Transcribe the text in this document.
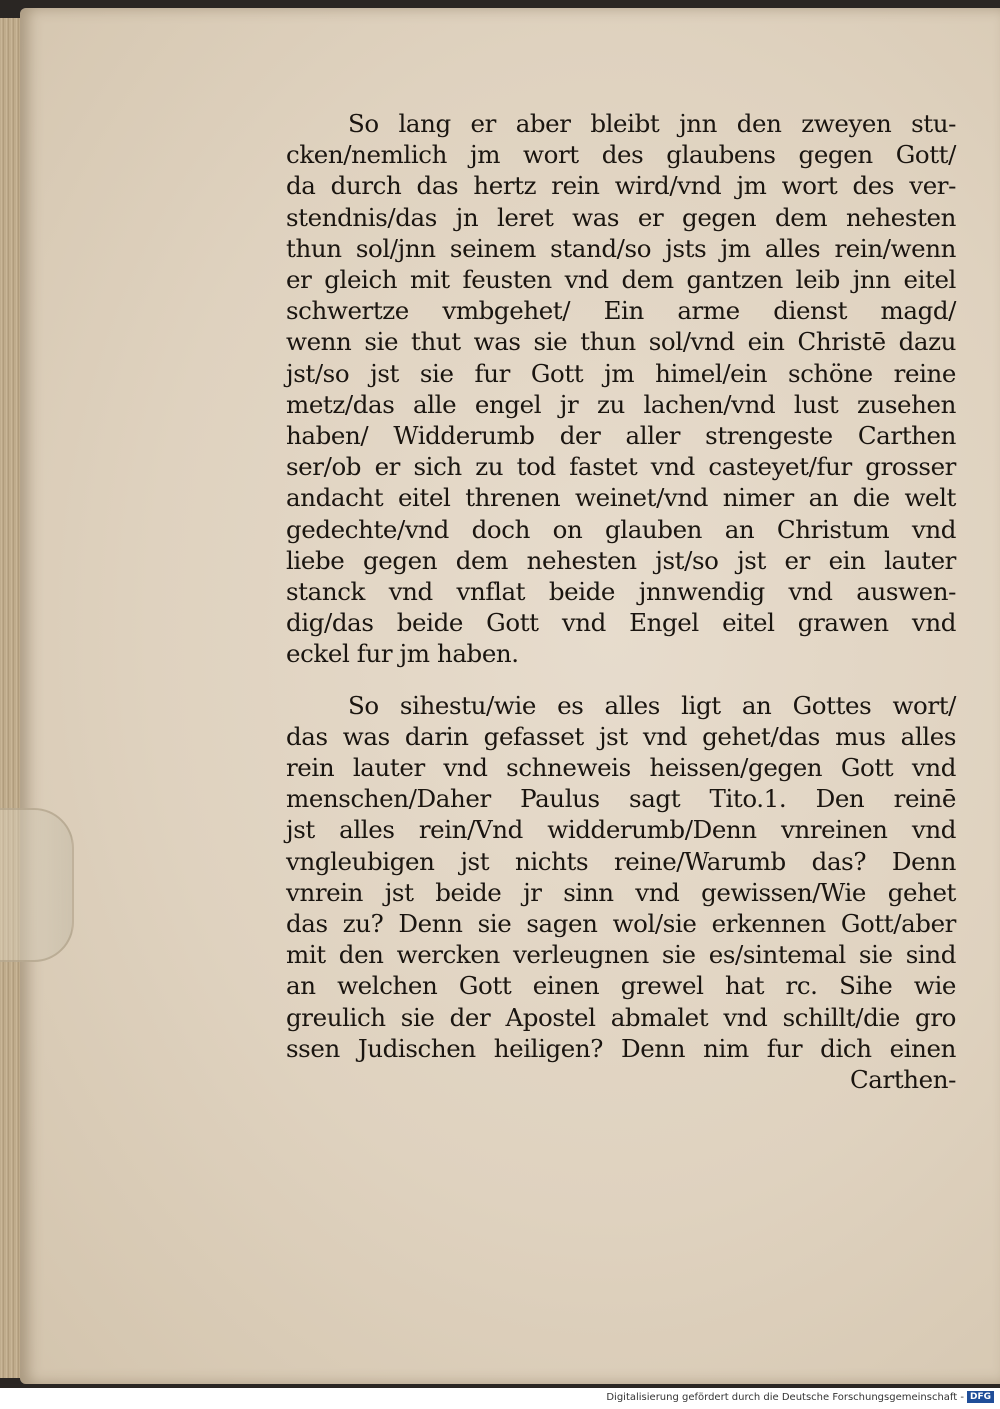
So lang er aber bleibt jnn den zweyen stu-
cken/nemlich jm wort des glaubens gegen Gott/
da durch das hertz rein wird/vnd jm wort des ver-
stendnis/das jn leret was er gegen dem nehesten
thun sol/jnn seinem stand/so jsts jm alles rein/wenn
er gleich mit feusten vnd dem gantzen leib jnn eitel
schwertze vmbgehet/ Ein arme dienst magd/
wenn sie thut was sie thun sol/vnd ein Christē dazu
jst/so jst sie fur Gott jm himel/ein schöne reine
metz/das alle engel jr zu lachen/vnd lust zusehen
haben/ Widderumb der aller strengeste Carthen
ser/ob er sich zu tod fastet vnd casteyet/fur grosser
andacht eitel threnen weinet/vnd nimer an die welt
gedechte/vnd doch on glauben an Christum vnd
liebe gegen dem nehesten jst/so jst er ein lauter
stanck vnd vnflat beide jnnwendig vnd auswen-
dig/das beide Gott vnd Engel eitel grawen vnd
eckel fur jm haben.
So sihestu/wie es alles ligt an Gottes wort/
das was darin gefasset jst vnd gehet/das mus alles
rein lauter vnd schneweis heissen/gegen Gott vnd
menschen/Daher Paulus sagt Tito.1. Den reinē
jst alles rein/Vnd widderumb/Denn vnreinen vnd
vngleubigen jst nichts reine/Warumb das? Denn
vnrein jst beide jr sinn vnd gewissen/Wie gehet
das zu? Denn sie sagen wol/sie erkennen Gott/aber
mit den wercken verleugnen sie es/sintemal sie sind
an welchen Gott einen grewel hat rc. Sihe wie
greulich sie der Apostel abmalet vnd schillt/die gro
ssen Judischen heiligen? Denn nim fur dich einen
Carthen-
Digitalisierung gefördert durch die Deutsche Forschungsgemeinschaft - DFG
